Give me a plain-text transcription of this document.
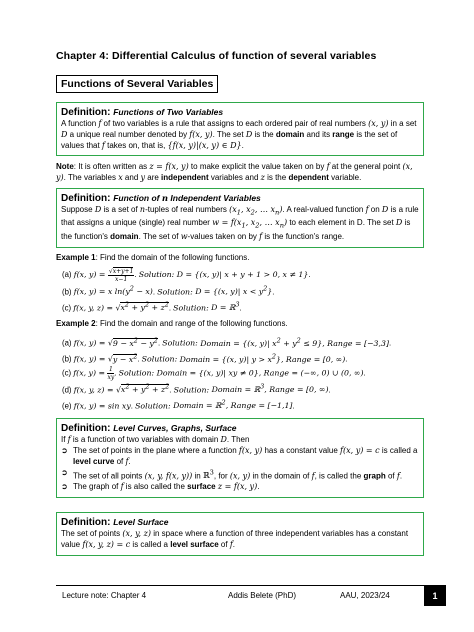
Chapter 4: Differential Calculus of function of several variables
Functions of Several Variables
Definition: Functions of Two Variables

A function f of two variables is a rule that assigns to each ordered pair of real numbers (x, y) in a set D a unique real number denoted by f(x, y). The set D is the domain and its range is the set of values that f takes on, that is, {f(x, y)|(x, y) ∈ D}.

Note: It is often written as z = f(x, y) to make explicit the value taken on by f at the general point (x, y). The variables x and y are independent variables and z is the dependent variable.

Definition: Function of n Independent Variables

Suppose D is a set of n-tuples of real numbers ($x_1$, $x_2$, … $x_n$). A real-valued function f on D is a rule that assigns a unique (single) real number $w = f(x_1$, $x_2$, … $x_n$) to each element in D. The set D is the function's domain. The set of w-values taken on by f is the function's range.

Example 1: Find the domain of the following functions.

(a) f(x, $y) = \frac{√x+y+1}{x-1}$ . Solution: D = {(x, y)| x + y + 1 > 0, x ≠ 1}.
(b) f(x, y) = x $\ln(y^2 - x)$. Solution: D = {(x, y)| $x < y^2$}.
(c) f(x, y, $z) = √x^2 + y^2 + z^2$. Solution: D = ℝ$^3$.

Example 2: Find the domain and range of the following functions.

(a) f(x, $y) = √9 - x^2 - y^2$. Solution: Domain = {(x, y)| $x^2 + y^2 \le 9$}, Range = [−3,3].
(b) f(x, $y) = √y - x^2$. Solution: Domain = {(x, y)| $y > x^2$}, Range = [0, ∞).
(c) f(x, $y) = \frac{1}{xy}$ . Solution: Domain = {(x, y)| xy ≠ 0}, Range = (−∞, 0) ∪ (0, ∞).
(d) f(x, y, $z) = √x^2 + y^2 + z^2$. Solution: Domain = ℝ$^3$, Range = [0, ∞).
(e) f(x, y) = sin xy. Solution: Domain = ℝ$^2$, Range = [−1,1].
Definition: Level Curves, Graphs, Surface

If f is a function of two variables with domain D. Then

➲ The set of points in the plane where a function f(x, y) has a constant value f(x, y) = c is called a level curve of f.
➲ The set of all points (x, y, f(x, y)) in ℝ$^3$, for (x, y) in the domain of f, is called the graph of f.
➲ The graph of f is also called the surface z = f(x, y).
Definition: Level Surface

The set of points (x, y, z) in space where a function of three independent variables has a constant value f(x, y, z) = c is called a level surface of f.

Lecture note: Chapter 4	Addis Belete (PhD)	AAU, 2023/24	1
